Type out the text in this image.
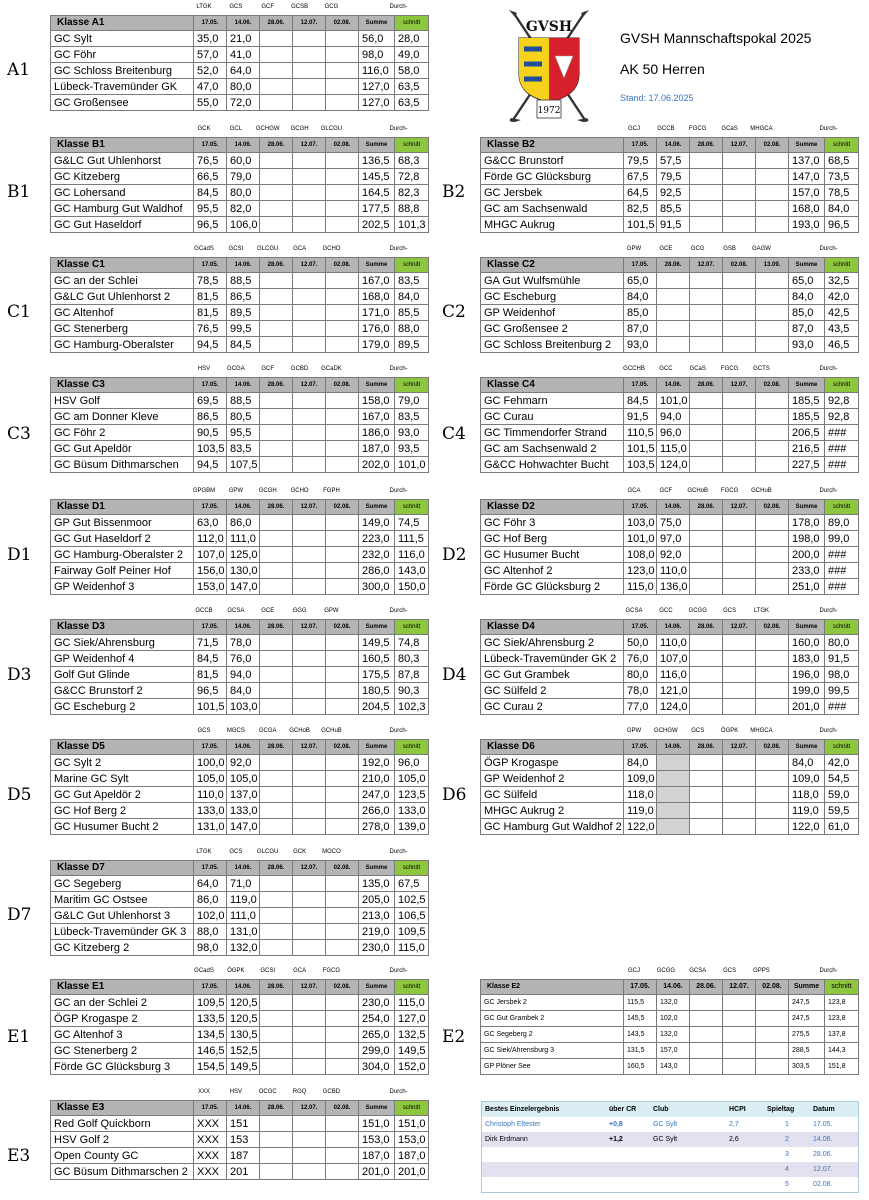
1972
GVSH
GVSH Mannschaftspokal 2025
AK 50 Herren
Stand: 17.06.2025
A1
LTGK	GCS	GCF	GCSB	GCG	Durch-
Klasse A1	17.05.	14.06.	28.06.	12.07.	02.08.	Summe	schnitt
GC Sylt	35,0	21,0				56,0	28,0
GC Föhr	57,0	41,0				98,0	49,0
GC Schloss Breitenburg	52,0	64,0				116,0	58,0
Lübeck-Travemünder GK	47,0	80,0				127,0	63,5
GC Großensee	55,0	72,0				127,0	63,5
B1
GCK	GCL	GCHGW	GCGH	GLCGU	Durch-
Klasse B1	17.05.	14.06.	28.06.	12.07.	02.08.	Summe	schnitt
G&LC Gut Uhlenhorst	76,5	60,0				136,5	68,3
GC Kitzeberg	66,5	79,0				145,5	72,8
GC Lohersand	84,5	80,0				164,5	82,3
GC Hamburg Gut Waldhof	95,5	82,0				177,5	88,8
GC Gut Haseldorf	96,5	106,0				202,5	101,3
B2
GCJ	GCCB	FGCG	GCaS	MHGCA	Durch-
Klasse B2	17.05.	14.06.	28.06.	12.07.	02.08.	Summe	schnitt
G&CC Brunstorf	79,5	57,5				137,0	68,5
Förde GC Glücksburg	67,5	79,5				147,0	73,5
GC Jersbek	64,5	92,5				157,0	78,5
GC am Sachsenwald	82,5	85,5				168,0	84,0
MHGC Aukrug	101,5	91,5				193,0	96,5
C1
GCadS	GCSt	GLCGU	GCA	GCHO	Durch-
Klasse C1	17.05.	14.06.	28.06.	12.07.	02.08.	Summe	schnitt
GC an der Schlei	78,5	88,5				167,0	83,5
G&LC Gut Uhlenhorst 2	81,5	86,5				168,0	84,0
GC Altenhof	81,5	89,5				171,0	85,5
GC Stenerberg	76,5	99,5				176,0	88,0
GC Hamburg-Oberalster	94,5	84,5				179,0	89,5
C2
GPW	GCE	GCG	GSB	GAGW	Durch-
Klasse C2	17.05.	28.06.	12.07.	02.08.	13.09.	Summe	schnitt
GA Gut Wulfsmühle	65,0					65,0	32,5
GC Escheburg	84,0					84,0	42,0
GP Weidenhof	85,0					85,0	42,5
GC Großensee 2	87,0					87,0	43,5
GC Schloss Breitenburg 2	93,0					93,0	46,5
C3
HSV	GCGA	GCF	GCBD	GCaDK	Durch-
Klasse C3	17.05.	14.06.	28.06.	12.07.	02.08.	Summe	schnitt
HSV Golf	69,5	88,5				158,0	79,0
GC am Donner Kleve	86,5	80,5				167,0	83,5
GC Föhr 2	90,5	95,5				186,0	93,0
GC Gut Apeldör	103,5	83,5				187,0	93,5
GC Büsum Dithmarschen	94,5	107,5				202,0	101,0
C4
GCCHB	GCC	GCaS	FGCG	GCTS	Durch-
Klasse C4	17.05.	14.06.	28.06.	12.07.	02.08.	Summe	schnitt
GC Fehmarn	84,5	101,0				185,5	92,8
GC Curau	91,5	94,0				185,5	92,8
GC Timmendorfer Strand	110,5	96,0				206,5	###
GC am Sachsenwald 2	101,5	115,0				216,5	###
G&CC Hohwachter Bucht	103,5	124,0				227,5	###
D1
GPGBM	GPW	GCGH	GCHO	FGPH	Durch-
Klasse D1	17.05.	14.06.	28.06.	12.07.	02.08.	Summe	schnitt
GP Gut Bissenmoor	63,0	86,0				149,0	74,5
GC Gut Haseldorf 2	112,0	111,0				223,0	111,5
GC Hamburg-Oberalster 2	107,0	125,0				232,0	116,0
Fairway Golf Peiner Hof	156,0	130,0				286,0	143,0
GP Weidenhof 3	153,0	147,0				300,0	150,0
D2
GCA	GCF	GCHoB	FGCG	GCHuB	Durch-
Klasse D2	17.05.	14.06.	28.06.	12.07.	02.08.	Summe	schnitt
GC Föhr 3	103,0	75,0				178,0	89,0
GC Hof Berg	101,0	97,0				198,0	99,0
GC Husumer Bucht	108,0	92,0				200,0	###
GC Altenhof 2	123,0	110,0				233,0	###
Förde GC Glücksburg 2	115,0	136,0				251,0	###
D3
GCCB	GCSA	GCE	GGG	GPW	Durch-
Klasse D3	17.05.	14.06.	28.06.	12.07.	02.08.	Summe	schnitt
GC Siek/Ahrensburg	71,5	78,0				149,5	74,8
GP Weidenhof 4	84,5	76,0				160,5	80,3
Golf Gut Glinde	81,5	94,0				175,5	87,8
G&CC Brunstorf 2	96,5	84,0				180,5	90,3
GC Escheburg 2	101,5	103,0				204,5	102,3
D4
GCSA	GCC	GCGG	GCS	LTGK	Durch-
Klasse D4	17.05.	14.06.	28.06.	12.07.	02.08.	Summe	schnitt
GC Siek/Ahrensburg 2	50,0	110,0				160,0	80,0
Lübeck-Travemünder GK 2	76,0	107,0				183,0	91,5
GC Gut Grambek	80,0	116,0				196,0	98,0
GC Sülfeld 2	78,0	121,0				199,0	99,5
GC Curau 2	77,0	124,0				201,0	###
D5
GCS	MGCS	GCGA	GCHoB	GCHuB	Durch-
Klasse D5	17.05.	14.06.	28.06.	12.07.	02.08.	Summe	schnitt
GC Sylt 2	100,0	92,0				192,0	96,0
Marine GC Sylt	105,0	105,0				210,0	105,0
GC Gut Apeldör 2	110,0	137,0				247,0	123,5
GC Hof Berg 2	133,0	133,0				266,0	133,0
GC Husumer Bucht 2	131,0	147,0				278,0	139,0
D6
GPW	GCHGW	GCS	ÖGPK	MHGCA	Durch-
Klasse D6	17.05.	14.06.	28.06.	12.07.	02.08.	Summe	schnitt
ÖGP Krogaspe	84,0					84,0	42,0
GP Weidenhof 2	109,0					109,0	54,5
GC Sülfeld	118,0					118,0	59,0
MHGC Aukrug 2	119,0					119,0	59,5
GC Hamburg Gut Waldhof 2	122,0					122,0	61,0
D7
LTGK	GCS	GLCGU	GCK	MGCO	Durch-
Klasse D7	17.05.	14.06.	28.06.	12.07.	02.08.	Summe	schnitt
GC Segeberg	64,0	71,0				135,0	67,5
Maritim GC Ostsee	86,0	119,0				205,0	102,5
G&LC Gut Uhlenhorst 3	102,0	111,0				213,0	106,5
Lübeck-Travemünder GK 3	88,0	131,0				219,0	109,5
GC Kitzeberg 2	98,0	132,0				230,0	115,0
E1
GCadS	ÖGPK	GCSI	GCA	FGCG	Durch-
Klasse E1	17.05.	14.06.	28.06.	12.07.	02.08.	Summe	schnitt
GC an der Schlei 2	109,5	120,5				230,0	115,0
ÖGP Krogaspe 2	133,5	120,5				254,0	127,0
GC Altenhof 3	134,5	130,5				265,0	132,5
GC Stenerberg 2	146,5	152,5				299,0	149,5
Förde GC Glücksburg 3	154,5	149,5				304,0	152,0
E2
GCJ	GCGG	GCSA	GCS	GPPS	Durch-
Klasse E2	17.05.	14.06.	28.06.	12.07.	02.08.	Summe	schnitt
GC Jersbek 2	115,5	132,0				247,5	123,8
GC Gut Grambek 2	145,5	102,0				247,5	123,8
GC Segeberg 2	143,5	132,0				275,5	137,8
GC Siek/Ahrensburg 3	131,5	157,0				288,5	144,3
GP Plöner See	160,5	143,0				303,5	151,8
E3
XXX	HSV	OCGC	RGQ	GCBD	Durch-
Klasse E3	17.05.	14.06.	28.06.	12.07.	02.08.	Summe	schnitt
Red Golf Quickborn	XXX	151				151,0	151,0
HSV Golf 2	XXX	153				153,0	153,0
Open County GC	XXX	187				187,0	187,0
GC Büsum Dithmarschen 2	XXX	201				201,0	201,0
Bestes Einzelergebnis	über CR	Club	HCPI	Spieltag	Datum
Christoph Eltester	+0,8	GC Sylt	2,7	1	17.05.
Dirk Erdmann	+1,2	GC Sylt	2,6	2	14.06.
				3	28.06.
				4	12.07.
				5	02.08.
